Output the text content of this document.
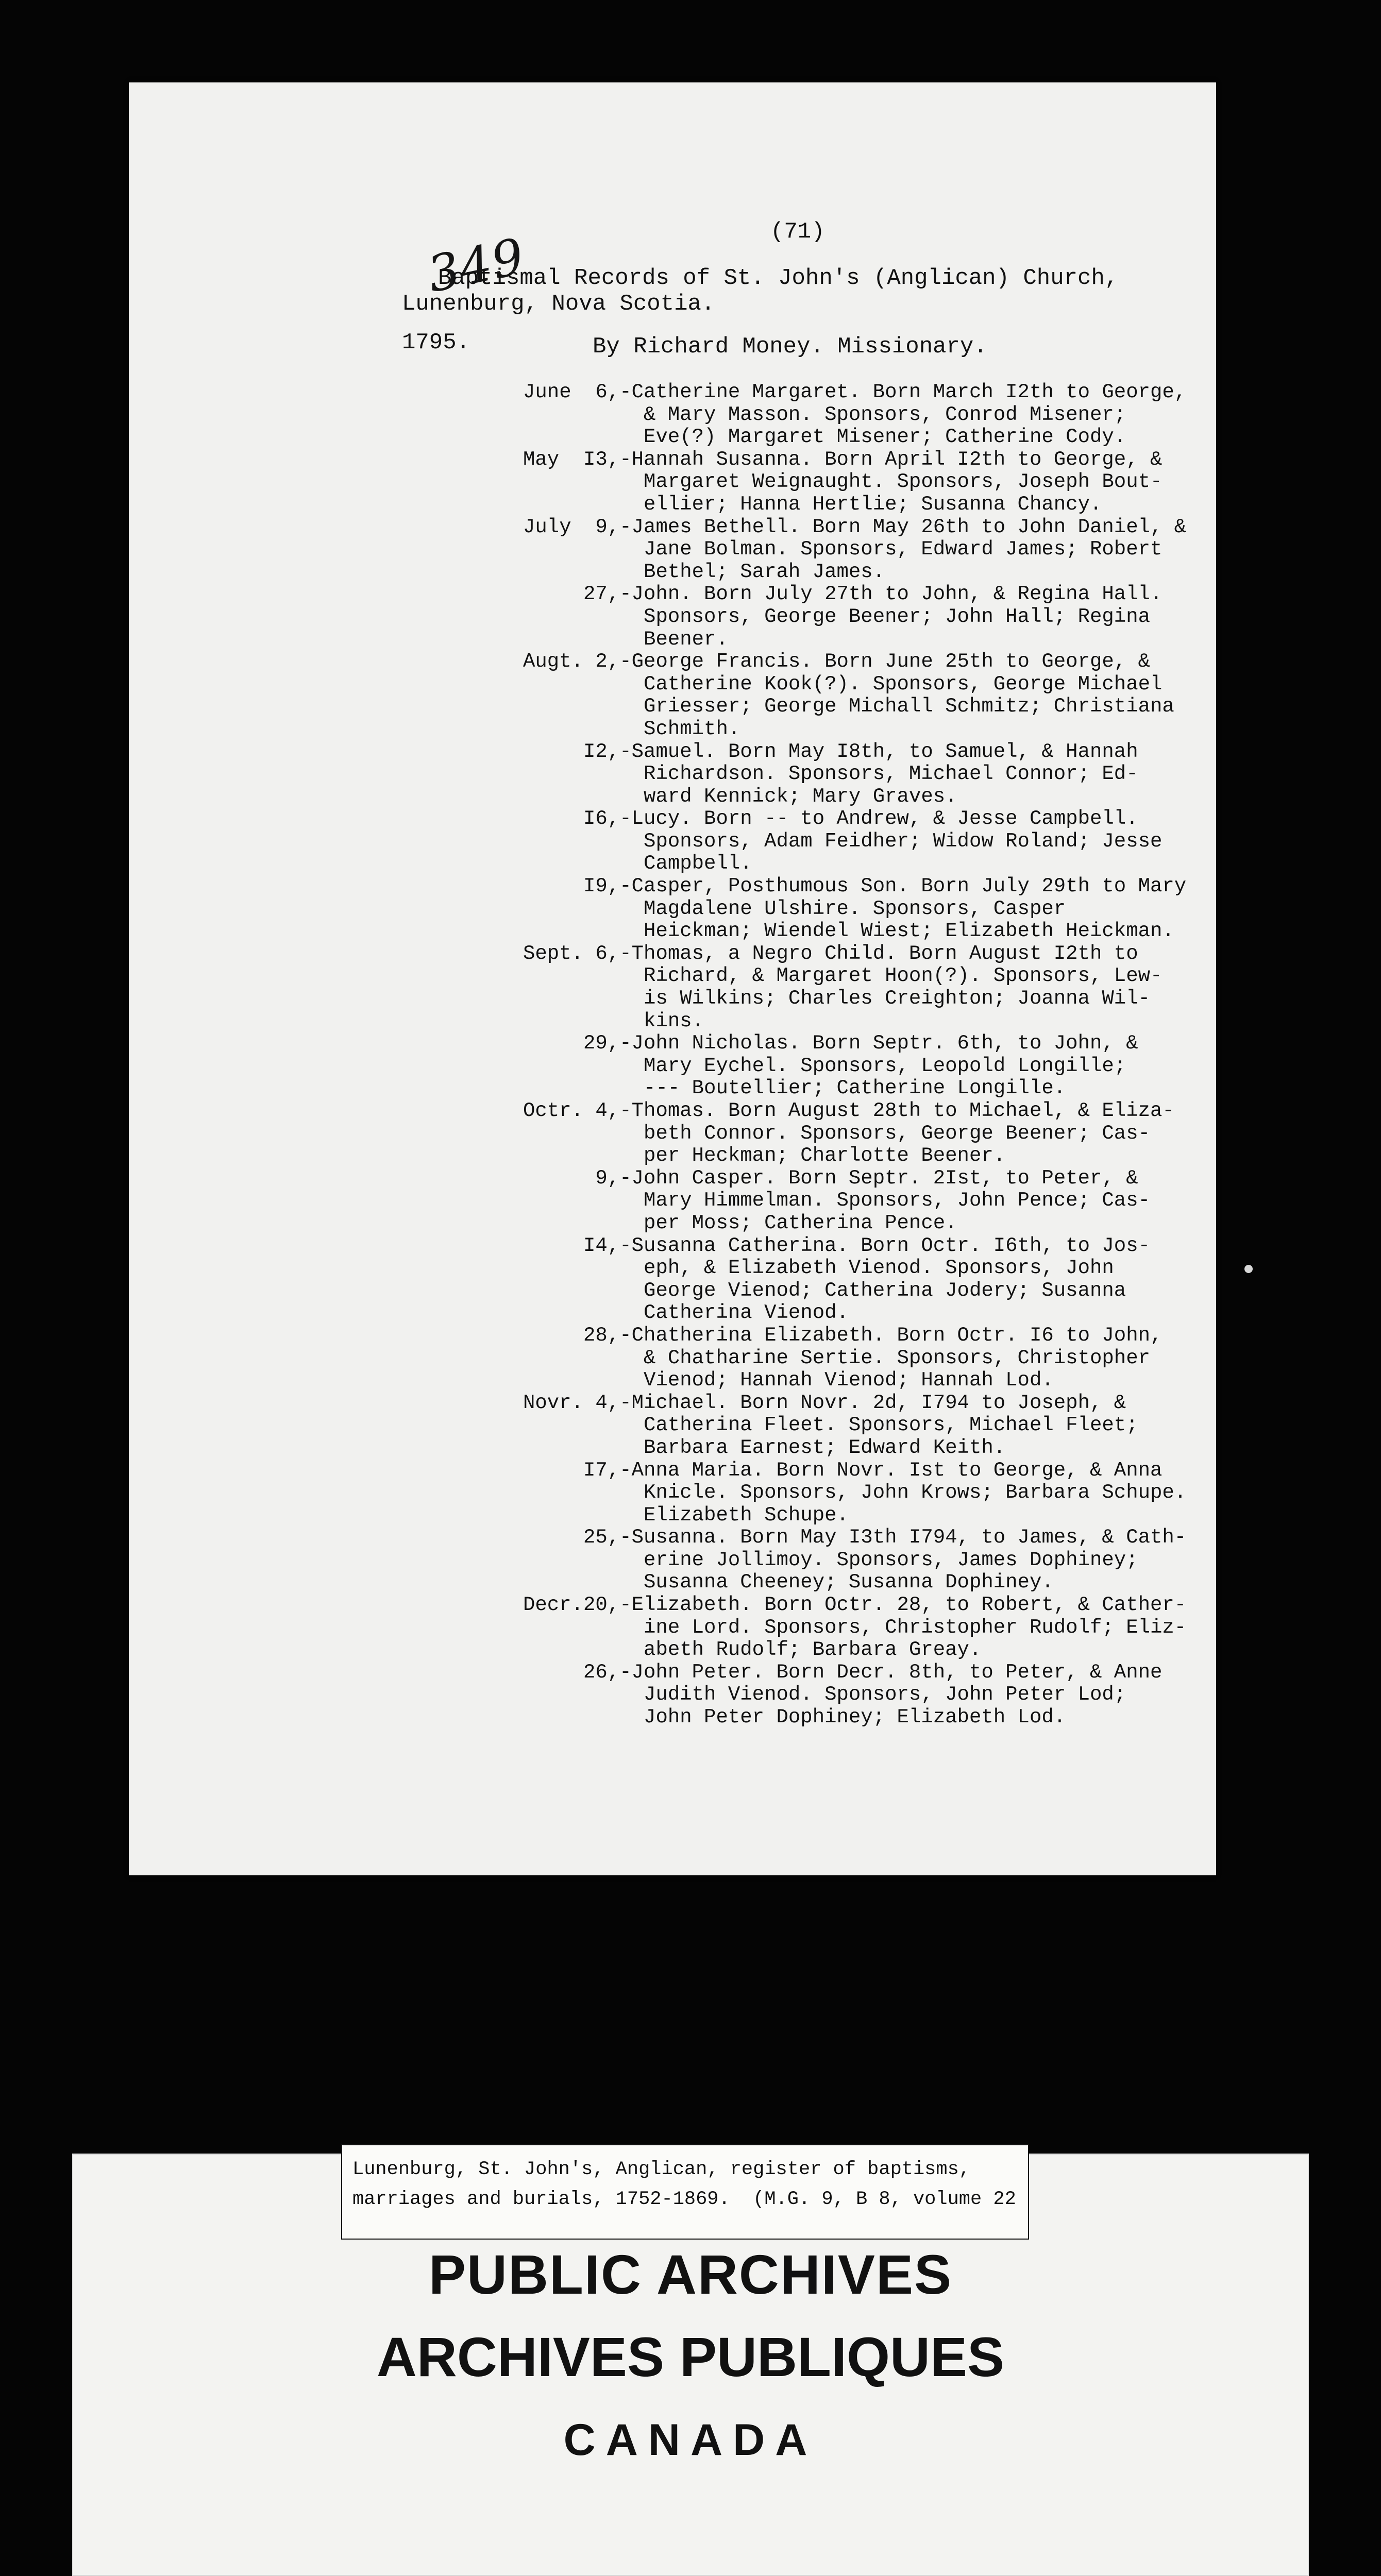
(71)
349
Baptismal Records of St. John's (Anglican) Church,
Lunenburg, Nova Scotia.
1795.	By Richard Money. Missionary.
June  6,-Catherine Margaret. Born March I2th to George,
& Mary Masson. Sponsors, Conrod Misener;
Eve(?) Margaret Misener; Catherine Cody.
May  I3,-Hannah Susanna. Born April I2th to George, &
Margaret Weignaught. Sponsors, Joseph Bout-
ellier; Hanna Hertlie; Susanna Chancy.
July  9,-James Bethell. Born May 26th to John Daniel, &
Jane Bolman. Sponsors, Edward James; Robert
Bethel; Sarah James.
27,-John. Born July 27th to John, & Regina Hall.
Sponsors, George Beener; John Hall; Regina
Beener.
Augt. 2,-George Francis. Born June 25th to George, &
Catherine Kook(?). Sponsors, George Michael
Griesser; George Michall Schmitz; Christiana
Schmith.
I2,-Samuel. Born May I8th, to Samuel, & Hannah
Richardson. Sponsors, Michael Connor; Ed-
ward Kennick; Mary Graves.
I6,-Lucy. Born -- to Andrew, & Jesse Campbell.
Sponsors, Adam Feidher; Widow Roland; Jesse
Campbell.
I9,-Casper, Posthumous Son. Born July 29th to Mary
Magdalene Ulshire. Sponsors, Casper
Heickman; Wiendel Wiest; Elizabeth Heickman.
Sept. 6,-Thomas, a Negro Child. Born August I2th to
Richard, & Margaret Hoon(?). Sponsors, Lew-
is Wilkins; Charles Creighton; Joanna Wil-
kins.
29,-John Nicholas. Born Septr. 6th, to John, &
Mary Eychel. Sponsors, Leopold Longille;
--- Boutellier; Catherine Longille.
Octr. 4,-Thomas. Born August 28th to Michael, & Eliza-
beth Connor. Sponsors, George Beener; Cas-
per Heckman; Charlotte Beener.
9,-John Casper. Born Septr. 2Ist, to Peter, &
Mary Himmelman. Sponsors, John Pence; Cas-
per Moss; Catherina Pence.
I4,-Susanna Catherina. Born Octr. I6th, to Jos-
eph, & Elizabeth Vienod. Sponsors, John
George Vienod; Catherina Jodery; Susanna
Catherina Vienod.
28,-Chatherina Elizabeth. Born Octr. I6 to John,
& Chatharine Sertie. Sponsors, Christopher
Vienod; Hannah Vienod; Hannah Lod.
Novr. 4,-Michael. Born Novr. 2d, I794 to Joseph, &
Catherina Fleet. Sponsors, Michael Fleet;
Barbara Earnest; Edward Keith.
I7,-Anna Maria. Born Novr. Ist to George, & Anna
Knicle. Sponsors, John Krows; Barbara Schupe.
Elizabeth Schupe.
25,-Susanna. Born May I3th I794, to James, & Cath-
erine Jollimoy. Sponsors, James Dophiney;
Susanna Cheeney; Susanna Dophiney.
Decr.20,-Elizabeth. Born Octr. 28, to Robert, & Cather-
ine Lord. Sponsors, Christopher Rudolf; Eliz-
abeth Rudolf; Barbara Greay.
26,-John Peter. Born Decr. 8th, to Peter, & Anne
Judith Vienod. Sponsors, John Peter Lod;
John Peter Dophiney; Elizabeth Lod.
Lunenburg, St. John's, Anglican, register of baptisms,
marriages and burials, 1752-1869.  (M.G. 9, B 8, volume 22
PUBLIC ARCHIVES
ARCHIVES PUBLIQUES
CANADA
